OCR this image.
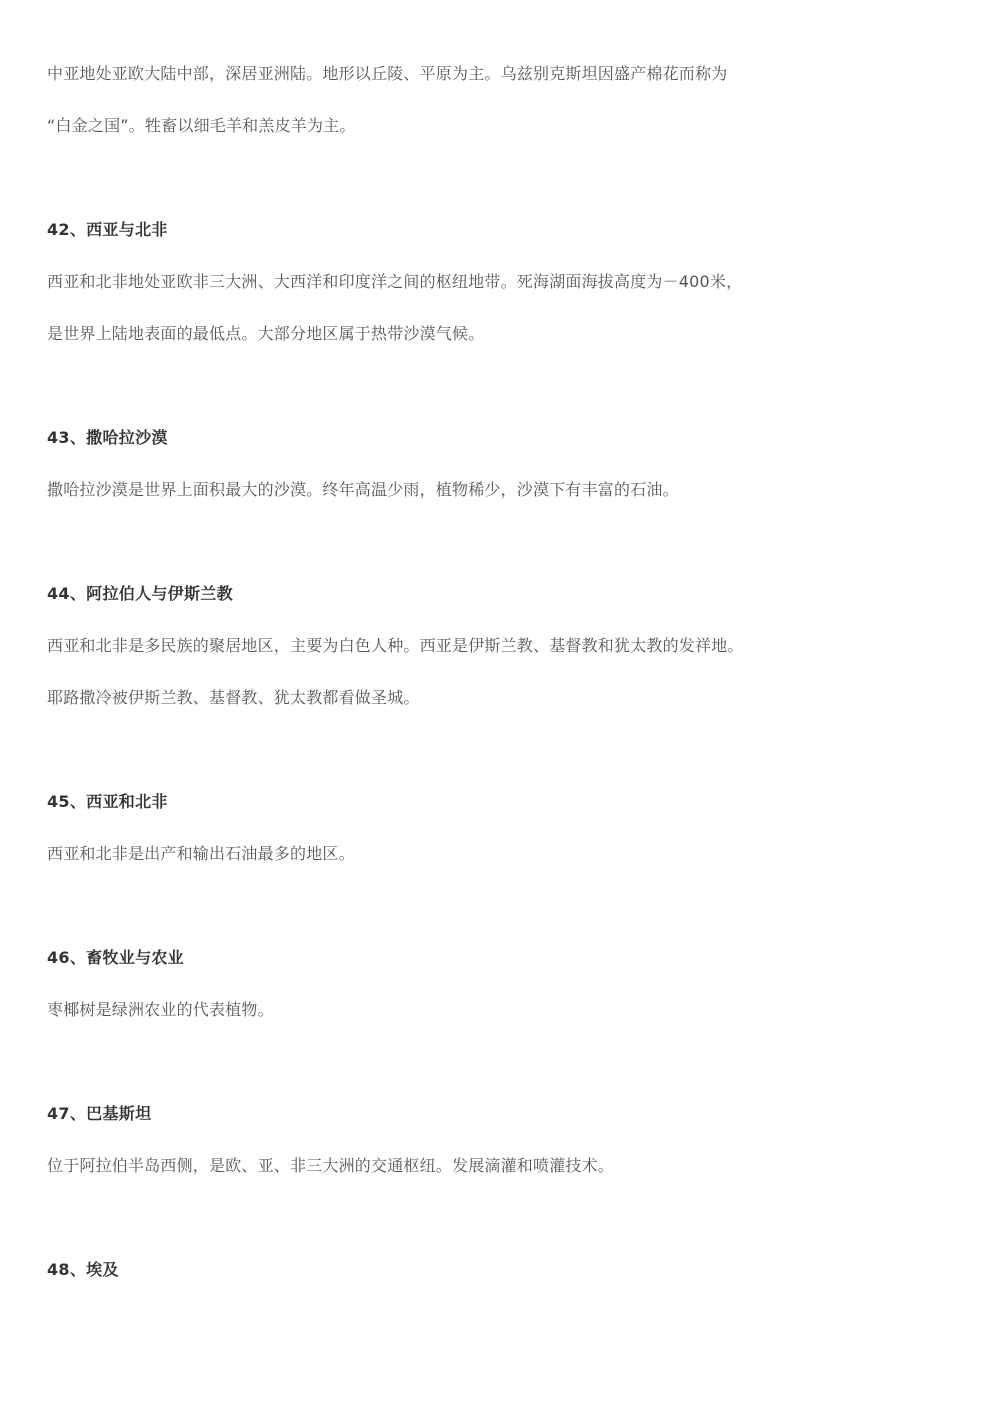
中亚地处亚欧大陆中部，深居亚洲陆。地形以丘陵、平原为主。乌兹别克斯坦因盛产棉花而称为

“白金之国”。牲畜以细毛羊和羔皮羊为主。

42、西亚与北非

西亚和北非地处亚欧非三大洲、大西洋和印度洋之间的枢纽地带。死海湖面海拔高度为－400米，

是世界上陆地表面的最低点。大部分地区属于热带沙漠气候。

43、撒哈拉沙漠

撒哈拉沙漠是世界上面积最大的沙漠。终年高温少雨，植物稀少，沙漠下有丰富的石油。

44、阿拉伯人与伊斯兰教

西亚和北非是多民族的聚居地区，主要为白色人种。西亚是伊斯兰教、基督教和犹太教的发祥地。

耶路撒冷被伊斯兰教、基督教、犹太教都看做圣城。

45、西亚和北非

西亚和北非是出产和输出石油最多的地区。

46、畜牧业与农业

枣椰树是绿洲农业的代表植物。

47、巴基斯坦

位于阿拉伯半岛西侧，是欧、亚、非三大洲的交通枢纽。发展滴灌和喷灌技术。

48、埃及
